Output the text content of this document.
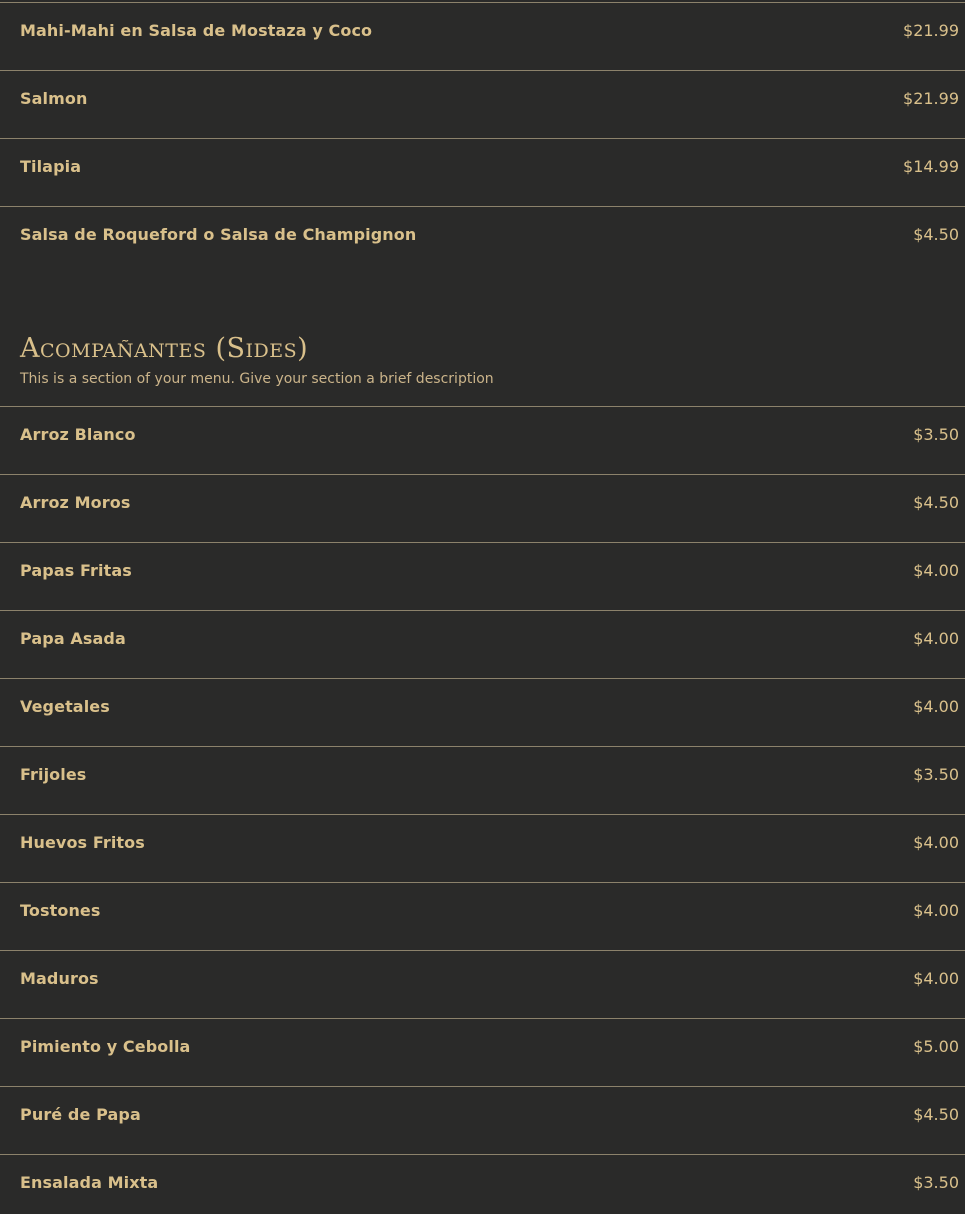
Mahi-Mahi en Salsa de Mostaza y Coco	$21.99
Salmon	$21.99
Tilapia	$14.99
Salsa de Roqueford o Salsa de Champignon	$4.50
Acompañantes (Sides)
This is a section of your menu. Give your section a brief description
Arroz Blanco	$3.50
Arroz Moros	$4.50
Papas Fritas	$4.00
Papa Asada	$4.00
Vegetales	$4.00
Frijoles	$3.50
Huevos Fritos	$4.00
Tostones	$4.00
Maduros	$4.00
Pimiento y Cebolla	$5.00
Puré de Papa	$4.50
Ensalada Mixta	$3.50
